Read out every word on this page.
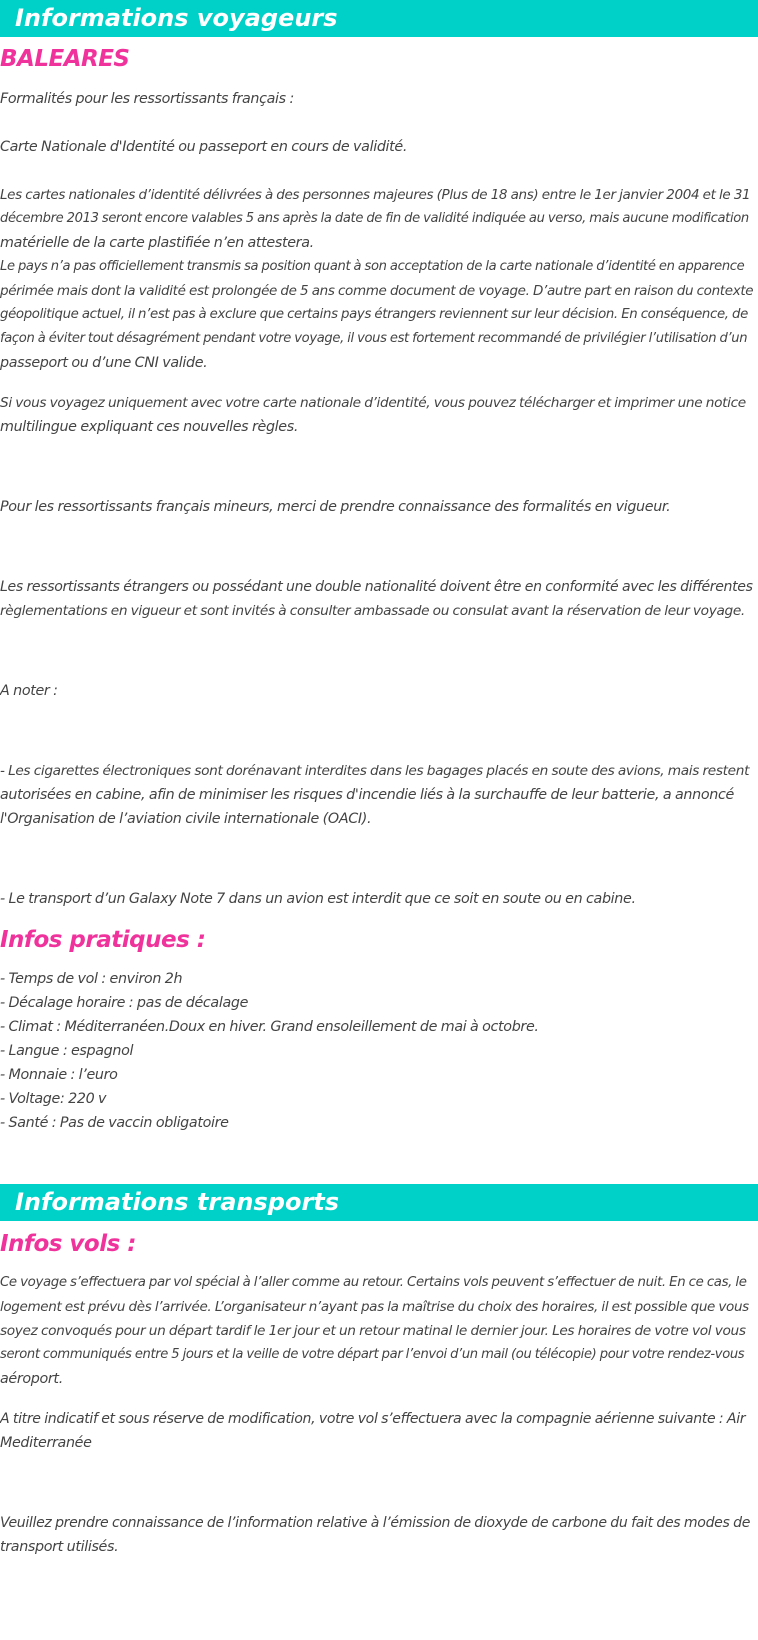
Informations voyageurs
BALEARES
Formalités pour les ressortissants français :
Carte Nationale d'Identité ou passeport en cours de validité.
Les cartes nationales d’identité délivrées à des personnes majeures (Plus de 18 ans) entre le 1er janvier 2004 et le 31
décembre 2013 seront encore valables 5 ans après la date de fin de validité indiquée au verso, mais aucune modification
matérielle de la carte plastifiée n’en attestera.
Le pays n’a pas officiellement transmis sa position quant à son acceptation de la carte nationale d’identité en apparence
périmée mais dont la validité est prolongée de 5 ans comme document de voyage. D’autre part en raison du contexte
géopolitique actuel, il n’est pas à exclure que certains pays étrangers reviennent sur leur décision. En conséquence, de
façon à éviter tout désagrément pendant votre voyage, il vous est fortement recommandé de privilégier l’utilisation d’un
passeport ou d’une CNI valide.
Si vous voyagez uniquement avec votre carte nationale d’identité, vous pouvez télécharger et imprimer une notice
multilingue expliquant ces nouvelles règles.
Pour les ressortissants français mineurs, merci de prendre connaissance des formalités en vigueur.
Les ressortissants étrangers ou possédant une double nationalité doivent être en conformité avec les différentes
règlementations en vigueur et sont invités à consulter ambassade ou consulat avant la réservation de leur voyage.
A noter :
- Les cigarettes électroniques sont dorénavant interdites dans les bagages placés en soute des avions, mais restent
autorisées en cabine, afin de minimiser les risques d'incendie liés à la surchauffe de leur batterie, a annoncé
l'Organisation de l’aviation civile internationale (OACI).
- Le transport d’un Galaxy Note 7 dans un avion est interdit que ce soit en soute ou en cabine.
Infos pratiques :
- Temps de vol : environ 2h
- Décalage horaire : pas de décalage
- Climat : Méditerranéen.Doux en hiver. Grand ensoleillement de mai à octobre.
- Langue : espagnol
- Monnaie : l’euro
- Voltage: 220 v
- Santé : Pas de vaccin obligatoire
Informations transports
Infos vols :
Ce voyage s’effectuera par vol spécial à l’aller comme au retour. Certains vols peuvent s’effectuer de nuit. En ce cas, le
logement est prévu dès l’arrivée. L’organisateur n’ayant pas la maîtrise du choix des horaires, il est possible que vous
soyez convoqués pour un départ tardif le 1er jour et un retour matinal le dernier jour. Les horaires de votre vol vous
seront communiqués entre 5 jours et la veille de votre départ par l’envoi d’un mail (ou télécopie) pour votre rendez-vous
aéroport.
A titre indicatif et sous réserve de modification, votre vol s’effectuera avec la compagnie aérienne suivante : Air
Mediterranée
Veuillez prendre connaissance de l’information relative à l’émission de dioxyde de carbone du fait des modes de
transport utilisés.
